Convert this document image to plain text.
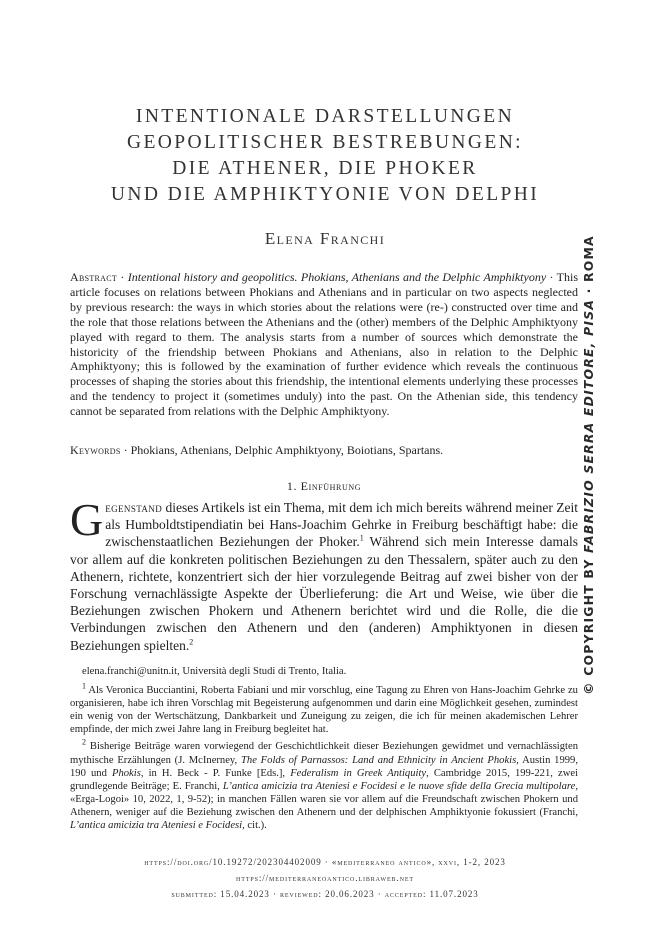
INTENTIONALE DARSTELLUNGEN
GEOPOLITISCHER BESTREBUNGEN:
DIE ATHENER, DIE PHOKER
UND DIE AMPHIKTYONIE VON DELPHI
Elena Franchi
Abstract · Intentional history and geopolitics. Phokians, Athenians and the Delphic Amphiktyony · This article focuses on relations between Phokians and Athenians and in particular on two aspects neglected by previous research: the ways in which stories about the relations were (re-) constructed over time and the role that those relations between the Athenians and the (other) members of the Delphic Amphiktyony played with regard to them. The analysis starts from a number of sources which demonstrate the historicity of the friendship between Phokians and Athenians, also in relation to the Delphic Amphiktyony; this is followed by the examination of further evidence which reveals the continuous processes of shaping the stories about this friendship, the intentional elements underlying these processes and the tendency to project it (sometimes unduly) into the past. On the Athenian side, this tendency cannot be separated from relations with the Delphic Amphiktyony.
Keywords · Phokians, Athenians, Delphic Amphiktyony, Boiotians, Spartans.
1. Einführung
Gegenstand dieses Artikels ist ein Thema, mit dem ich mich bereits während meiner Zeit als Humboldtstipendiatin bei Hans-Joachim Gehrke in Freiburg beschäftigt habe: die zwischenstaatlichen Beziehungen der Phoker.$^1$ Während sich mein Interesse damals vor allem auf die konkreten politischen Beziehungen zu den Thessalern, später auch zu den Athenern, richtete, konzentriert sich der hier vorzulegende Beitrag auf zwei bisher von der Forschung vernachlässigte Aspekte der Überlieferung: die Art und Weise, wie über die Beziehungen zwischen Phokern und Athenern berichtet wird und die Rolle, die die Verbindungen zwischen den Athenern und den (anderen) Amphiktyonen in diesen Beziehungen spielten.$^2$

elena.franchi@unitn.it, Università degli Studi di Trento, Italia.

$^1$ Als Veronica Bucciantini, Roberta Fabiani und mir vorschlug, eine Tagung zu Ehren von Hans-Joachim Gehrke zu organisieren, habe ich ihren Vorschlag mit Begeisterung aufgenommen und darin eine Möglichkeit gesehen, zumindest ein wenig von der Wertschätzung, Dankbarkeit und Zuneigung zu zeigen, die ich für meinen akademischen Lehrer empfinde, der mich zwei Jahre lang in Freiburg begleitet hat.

$^2$ Bisherige Beiträge waren vorwiegend der Geschichtlichkeit dieser Beziehungen gewidmet und vernachlässigten mythische Erzählungen (J. McInerney, The Folds of Parnassos: Land and Ethnicity in Ancient Phokis, Austin 1999, 190 und Phokis, in H. Beck - P. Funke [Eds.], Federalism in Greek Antiquity, Cambridge 2015, 199-221, zwei grundlegende Beiträge; E. Franchi, L’antica amicizia tra Ateniesi e Focidesi e le nuove sfide della Grecia multipolare, «Erga-Logoi» 10, 2022, 1, 9-52); in manchen Fällen waren sie vor allem auf die Freundschaft zwischen Phokern und Athenern, weniger auf die Beziehung zwischen den Athenern und der delphischen Amphiktyonie fokussiert (Franchi, L’antica amicizia tra Ateniesi e Focidesi, cit.).

https://doi.org/10.19272/202304402009 · «mediterraneo antico», xxvi, 1-2, 2023
https://mediterraneoantico.libraweb.net
submitted: 15.04.2023 · reviewed: 20.06.2023 · accepted: 11.07.2023
© COPYRIGHT BY FABRIZIO SERRA EDITORE, PISA · ROMA
